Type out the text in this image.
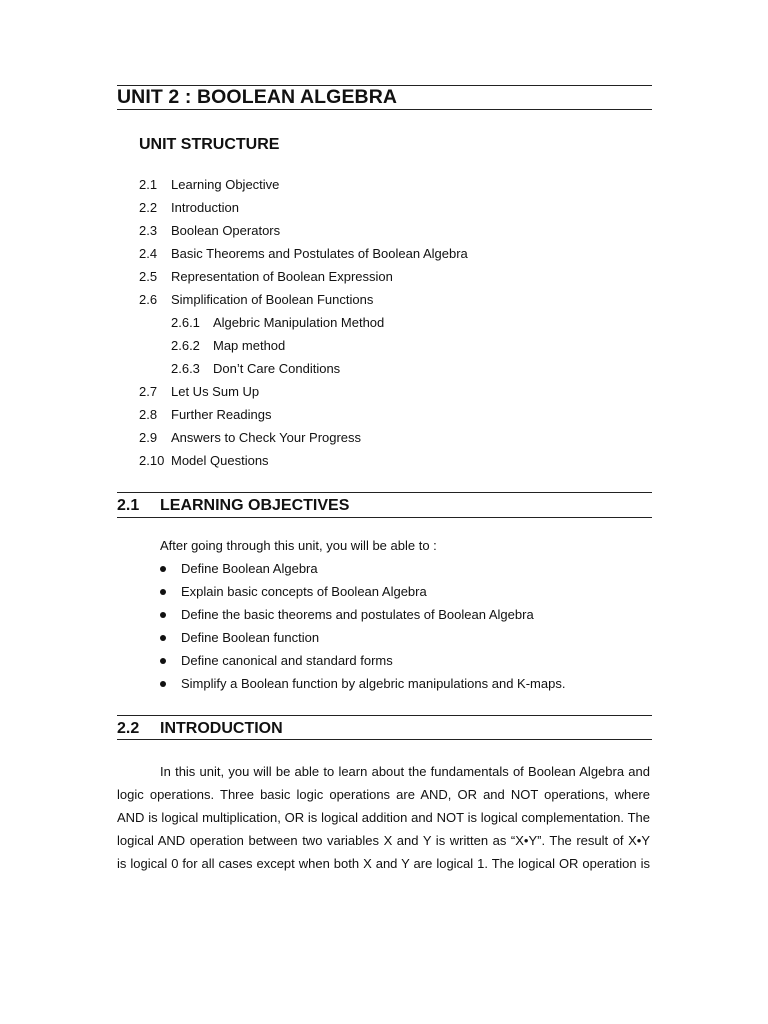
UNIT 2 : BOOLEAN ALGEBRA
UNIT STRUCTURE
2.1 Learning Objective
2.2 Introduction
2.3 Boolean Operators
2.4 Basic Theorems and Postulates of Boolean Algebra
2.5 Representation of Boolean Expression
2.6 Simplification of Boolean Functions
2.6.1 Algebric Manipulation Method
2.6.2 Map method
2.6.3 Don’t Care Conditions
2.7 Let Us Sum Up
2.8 Further Readings
2.9 Answers to Check Your Progress
2.10 Model Questions
2.1 LEARNING OBJECTIVES
After going through this unit, you will be able to :
Define Boolean Algebra
Explain basic concepts of Boolean Algebra
Define the basic theorems and postulates of Boolean Algebra
Define Boolean function
Define canonical and standard forms
Simplify a Boolean function by algebric manipulations and K-maps.
2.2 INTRODUCTION
In this unit, you will be able to learn about the fundamentals of Boolean Algebra and
logic operations. Three basic logic operations are AND, OR and NOT operations, where
AND is logical multiplication, OR is logical addition and NOT is logical complementation. The
logical AND operation between two variables X and Y is written as “X•Y”. The result of X•Y
is logical 0 for all cases except when both X and Y are logical 1. The logical OR operation is
